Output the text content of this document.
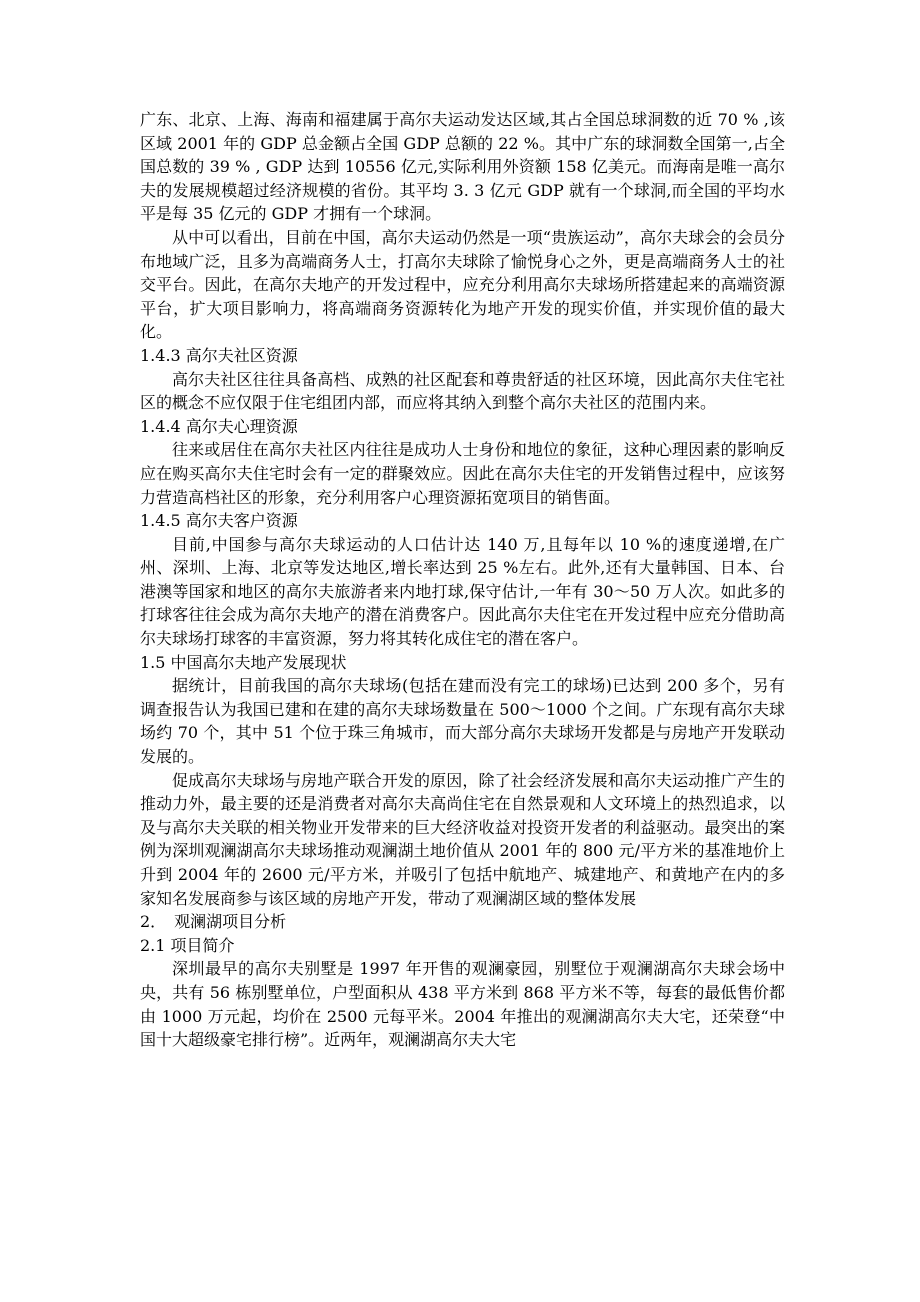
广东、北京、上海、海南和福建属于高尔夫运动发达区域,其占全国总球洞数的近 70 % ,该区域 2001 年的 GDP 总金额占全国 GDP 总额的 22 %。其中广东的球洞数全国第一,占全国总数的 39 % , GDP 达到 10556 亿元,实际利用外资额 158 亿美元。而海南是唯一高尔夫的发展规模超过经济规模的省份。其平均 3. 3 亿元 GDP 就有一个球洞,而全国的平均水平是每 35 亿元的 GDP 才拥有一个球洞。

从中可以看出，目前在中国，高尔夫运动仍然是一项“贵族运动”，高尔夫球会的会员分布地域广泛，且多为高端商务人士，打高尔夫球除了愉悦身心之外，更是高端商务人士的社交平台。因此，在高尔夫地产的开发过程中，应充分利用高尔夫球场所搭建起来的高端资源平台，扩大项目影响力，将高端商务资源转化为地产开发的现实价值，并实现价值的最大化。

1.4.3 高尔夫社区资源

高尔夫社区往往具备高档、成熟的社区配套和尊贵舒适的社区环境，因此高尔夫住宅社区的概念不应仅限于住宅组团内部，而应将其纳入到整个高尔夫社区的范围内来。

1.4.4 高尔夫心理资源

往来或居住在高尔夫社区内往往是成功人士身份和地位的象征，这种心理因素的影响反应在购买高尔夫住宅时会有一定的群聚效应。因此在高尔夫住宅的开发销售过程中，应该努力营造高档社区的形象，充分利用客户心理资源拓宽项目的销售面。

1.4.5 高尔夫客户资源

目前,中国参与高尔夫球运动的人口估计达 140 万,且每年以 10 %的速度递增,在广州、深圳、上海、北京等发达地区,增长率达到 25 %左右。此外,还有大量韩国、日本、台港澳等国家和地区的高尔夫旅游者来内地打球,保守估计,一年有 30～50 万人次。如此多的打球客往往会成为高尔夫地产的潜在消费客户。因此高尔夫住宅在开发过程中应充分借助高尔夫球场打球客的丰富资源，努力将其转化成住宅的潜在客户。

1.5 中国高尔夫地产发展现状

据统计，目前我国的高尔夫球场(包括在建而没有完工的球场)已达到 200 多个，另有调查报告认为我国已建和在建的高尔夫球场数量在 500～1000 个之间。广东现有高尔夫球场约 70 个，其中 51 个位于珠三角城市，而大部分高尔夫球场开发都是与房地产开发联动发展的。

促成高尔夫球场与房地产联合开发的原因，除了社会经济发展和高尔夫运动推广产生的推动力外，最主要的还是消费者对高尔夫高尚住宅在自然景观和人文环境上的热烈追求，以及与高尔夫关联的相关物业开发带来的巨大经济收益对投资开发者的利益驱动。最突出的案例为深圳观澜湖高尔夫球场推动观澜湖土地价值从 2001 年的 800 元/平方米的基准地价上升到 2004 年的 2600 元/平方米，并吸引了包括中航地产、城建地产、和黄地产在内的多家知名发展商参与该区域的房地产开发，带动了观澜湖区域的整体发展

2．　观澜湖项目分析
2.1 项目简介

深圳最早的高尔夫别墅是 1997 年开售的观澜豪园，别墅位于观澜湖高尔夫球会场中央，共有 56 栋别墅单位，户型面积从 438 平方米到 868 平方米不等，每套的最低售价都由 1000 万元起，均价在 2500 元每平米。2004 年推出的观澜湖高尔夫大宅，还荣登“中国十大超级豪宅排行榜”。近两年，观澜湖高尔夫大宅
